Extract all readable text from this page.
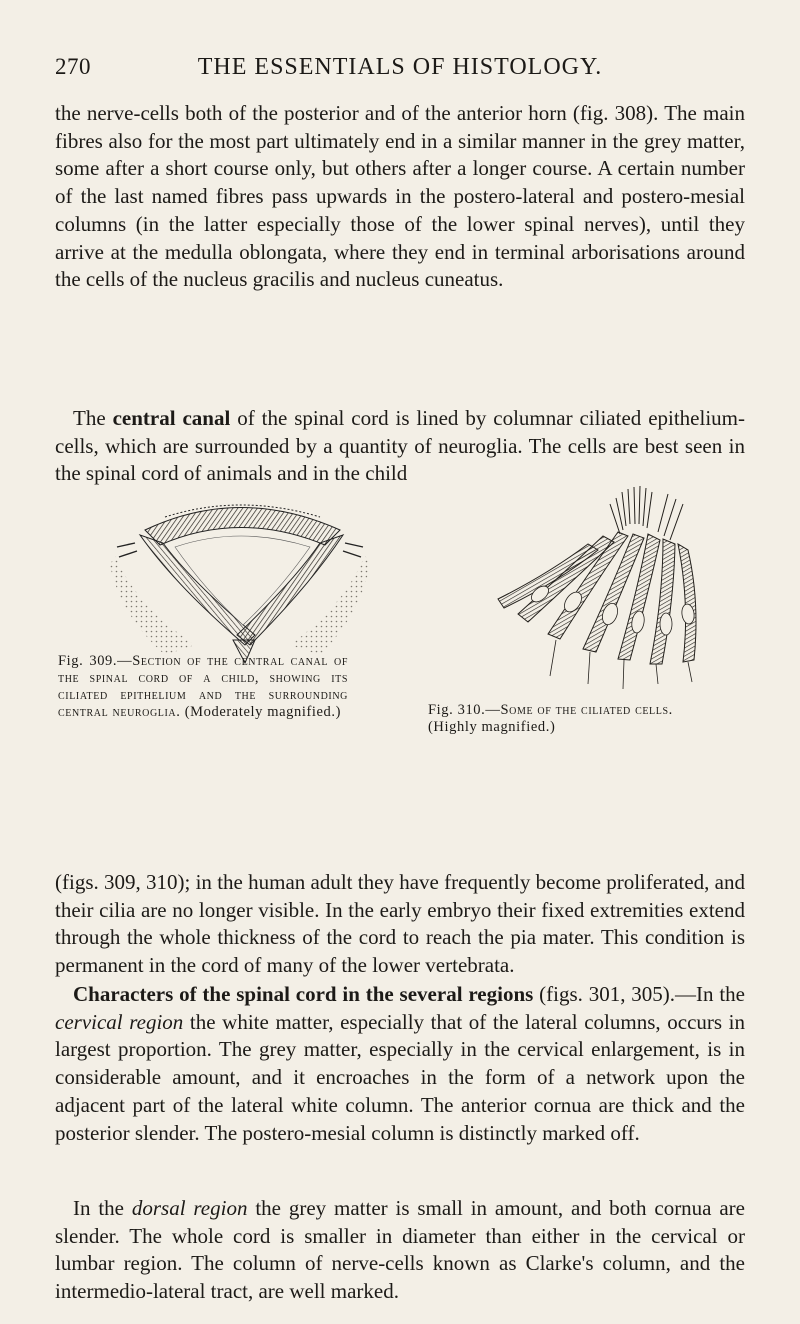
270	THE ESSENTIALS OF HISTOLOGY.

the nerve-cells both of the posterior and of the anterior horn (fig. 308). The main fibres also for the most part ultimately end in a similar manner in the grey matter, some after a short course only, but others after a longer course. A certain number of the last named fibres pass upwards in the postero-lateral and postero-mesial columns (in the latter especially those of the lower spinal nerves), until they arrive at the medulla oblongata, where they end in terminal arborisations around the cells of the nucleus gracilis and nucleus cuneatus.

The central canal of the spinal cord is lined by columnar ciliated epithelium-cells, which are surrounded by a quantity of neuroglia. The cells are best seen in the spinal cord of animals and in the child

Fig. 309.—Section of the central canal of the spinal cord of a child, showing its ciliated epithelium and the surrounding central neuroglia. (Moderately magnified.)	Fig. 310.—Some of the ciliated cells.
(Highly magnified.)

(figs. 309, 310); in the human adult they have frequently become proliferated, and their cilia are no longer visible. In the early embryo their fixed extremities extend through the whole thickness of the cord to reach the pia mater. This condition is permanent in the cord of many of the lower vertebrata.

Characters of the spinal cord in the several regions (figs. 301, 305).—In the cervical region the white matter, especially that of the lateral columns, occurs in largest proportion. The grey matter, especially in the cervical enlargement, is in considerable amount, and it encroaches in the form of a network upon the adjacent part of the lateral white column. The anterior cornua are thick and the posterior slender. The postero-mesial column is distinctly marked off.

In the dorsal region the grey matter is small in amount, and both cornua are slender. The whole cord is smaller in diameter than either in the cervical or lumbar region. The column of nerve-cells known as Clarke's column, and the intermedio-lateral tract, are well marked.
